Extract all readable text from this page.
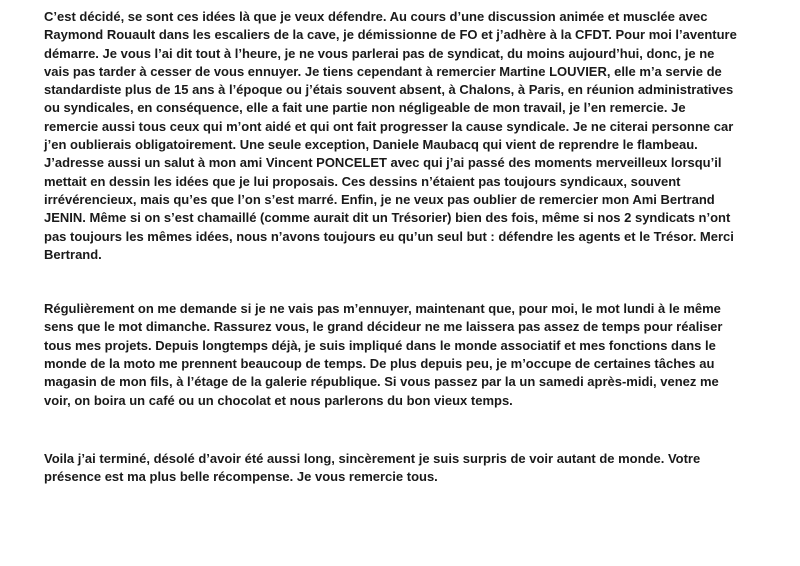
C’est décidé, se sont ces idées là que je veux défendre. Au cours d’une discussion animée et musclée avec
Raymond Rouault dans les escaliers de la cave, je démissionne de FO et j’adhère à la CFDT. Pour moi l’aventure
démarre. Je vous l’ai dit tout à l’heure, je ne vous parlerai pas de syndicat, du moins aujourd’hui, donc, je ne
vais pas tarder à cesser de vous ennuyer. Je tiens cependant à remercier Martine LOUVIER, elle m’a servie de
standardiste plus de 15 ans à l’époque ou j’étais souvent absent, à Chalons, à Paris, en réunion administratives
ou syndicales, en conséquence, elle a fait une partie non négligeable de mon travail, je l’en remercie. Je
remercie aussi tous ceux qui m’ont aidé et qui ont fait progresser la cause syndicale. Je ne citerai personne car
j’en oublierais obligatoirement. Une seule exception, Daniele Maubacq qui vient de reprendre le flambeau.
J’adresse aussi un salut à mon ami Vincent PONCELET avec qui j’ai passé des moments merveilleux lorsqu’il
mettait en dessin les idées que je lui proposais. Ces dessins n’étaient pas toujours syndicaux, souvent
irrévérencieux, mais qu’es que l’on s’est marré. Enfin, je ne veux pas oublier de remercier mon Ami Bertrand
JENIN. Même si on s’est chamaillé (comme aurait dit un Trésorier) bien des fois, même si nos 2 syndicats n’ont
pas toujours les mêmes idées, nous n’avons toujours eu qu’un seul but : défendre les agents et le Trésor. Merci
Bertrand.

Régulièrement on me demande si je ne vais pas m’ennuyer, maintenant que, pour moi, le mot lundi à le même
sens que le mot dimanche. Rassurez vous, le grand décideur ne me laissera pas assez de temps pour réaliser
tous mes projets. Depuis longtemps déjà, je suis impliqué dans le monde associatif et mes fonctions dans le
monde de la moto me prennent beaucoup de temps. De plus depuis peu, je m’occupe de certaines tâches au
magasin de mon fils, à l’étage de la galerie république. Si vous passez par la un samedi après-midi, venez me
voir, on boira un café ou un chocolat et nous parlerons du bon vieux temps.

Voila j’ai terminé, désolé d’avoir été aussi long, sincèrement je suis surpris de voir autant de monde. Votre
présence est ma plus belle récompense. Je vous remercie tous.
